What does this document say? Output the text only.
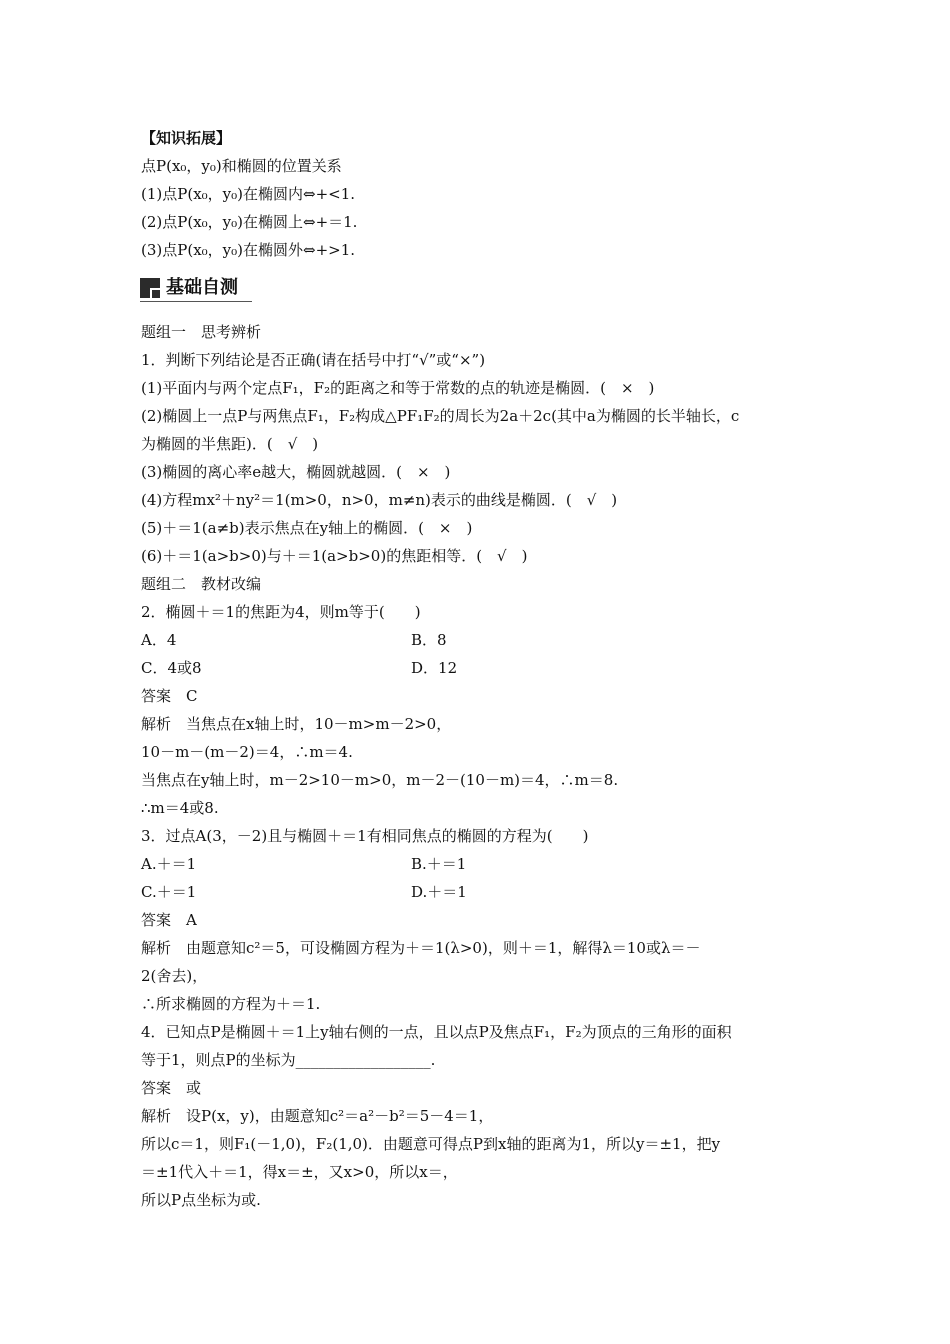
【知识拓展】
点P(x₀，y₀)和椭圆的位置关系
(1)点P(x₀，y₀)在椭圆内⇔+<1.
(2)点P(x₀，y₀)在椭圆上⇔+＝1.
(3)点P(x₀，y₀)在椭圆外⇔+>1.
基础自测
题组一　思考辨析
1．判断下列结论是否正确(请在括号中打“√”或“×”)
(1)平面内与两个定点F₁，F₂的距离之和等于常数的点的轨迹是椭圆．(　×　)
(2)椭圆上一点P与两焦点F₁，F₂构成△PF₁F₂的周长为2a＋2c(其中a为椭圆的长半轴长，c
为椭圆的半焦距)．(　√　)
(3)椭圆的离心率e越大，椭圆就越圆．(　×　)
(4)方程mx²＋ny²＝1(m>0，n>0，m≠n)表示的曲线是椭圆．(　√　)
(5)＋＝1(a≠b)表示焦点在y轴上的椭圆．(　×　)
(6)＋＝1(a>b>0)与＋＝1(a>b>0)的焦距相等．(　√　)
题组二　教材改编
2．椭圆＋＝1的焦距为4，则m等于(　　)
A．4	B．8
C．4或8	D．12
答案　C
解析　当焦点在x轴上时，10－m>m－2>0，
10－m－(m－2)＝4，∴m＝4.
当焦点在y轴上时，m－2>10－m>0，m－2－(10－m)＝4，∴m＝8.
∴m＝4或8.
3．过点A(3，－2)且与椭圆＋＝1有相同焦点的椭圆的方程为(　　)
A.＋＝1	B.＋＝1
C.＋＝1	D.＋＝1
答案　A
解析　由题意知c²＝5，可设椭圆方程为＋＝1(λ>0)，则＋＝1，解得λ＝10或λ＝－
2(舍去)，
∴所求椭圆的方程为＋＝1.
4．已知点P是椭圆＋＝1上y轴右侧的一点，且以点P及焦点F₁，F₂为顶点的三角形的面积
等于1，则点P的坐标为__________________.
答案　或
解析　设P(x，y)，由题意知c²＝a²－b²＝5－4＝1，
所以c＝1，则F₁(－1,0)，F₂(1,0)．由题意可得点P到x轴的距离为1，所以y＝±1，把y
＝±1代入＋＝1，得x＝±，又x>0，所以x＝，
所以P点坐标为或.
